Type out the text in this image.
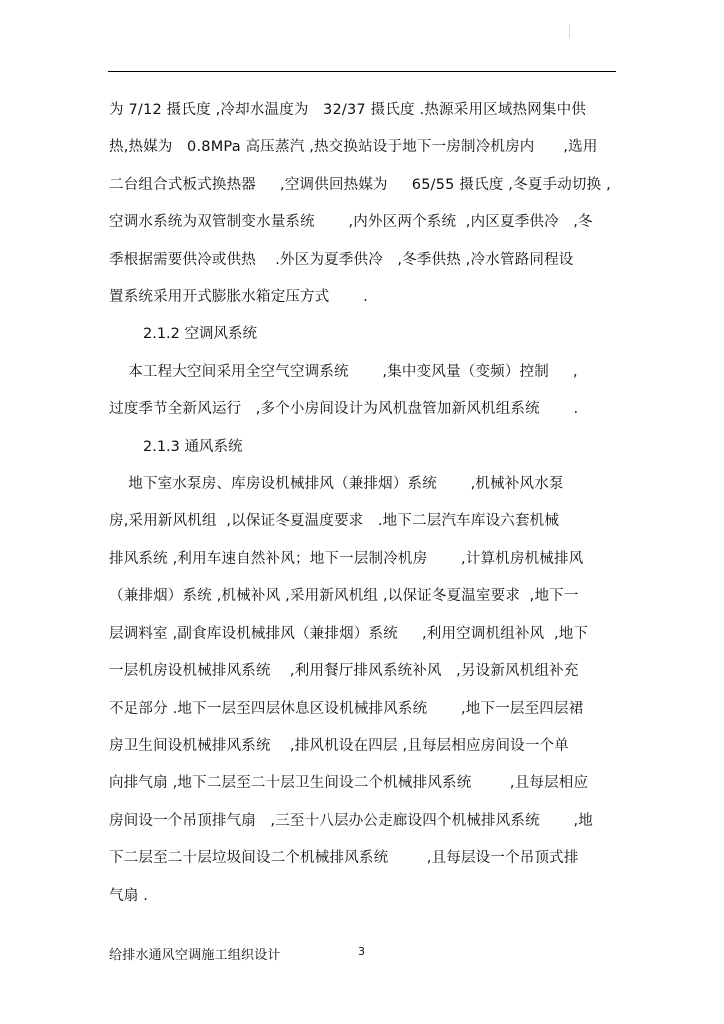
为 7/12 摄氏度 ,冷却水温度为   32/37 摄氏度 .热源采用区域热网集中供
热,热媒为   0.8MPa 高压蒸汽 ,热交换站设于地下一房制冷机房内      ,选用
二台组合式板式换热器     ,空调供回热媒为     65/55 摄氏度 ,冬夏手动切换 ,
空调水系统为双管制变水量系统       ,内外区两个系统  ,内区夏季供冷   ,冬
季根据需要供冷或供热    .外区为夏季供冷   ,冬季供热 ,冷水管路同程设
置系统采用开式膨胀水箱定压方式       .

2.1.2 空调风系统

本工程大空间采用全空气空调系统       ,集中变风量（变频）控制     ,
过度季节全新风运行   ,多个小房间设计为风机盘管加新风机组系统       .

2.1.3 通风系统

地下室水泵房、库房设机械排风（兼排烟）系统       ,机械补风水泵
房,采用新风机组  ,以保证冬夏温度要求   .地下二层汽车库设六套机械
排风系统 ,利用车速自然补风；地下一层制冷机房       ,计算机房机械排风
（兼排烟）系统 ,机械补风 ,采用新风机组 ,以保证冬夏温室要求  ,地下一
层调料室 ,副食库设机械排风（兼排烟）系统     ,利用空调机组补风  ,地下
一层机房设机械排风系统    ,利用餐厅排风系统补风   ,另设新风机组补充
不足部分 .地下一层至四层休息区设机械排风系统       ,地下一层至四层裙
房卫生间设机械排风系统    ,排风机设在四层 ,且每层相应房间设一个单
向排气扇 ,地下二层至二十层卫生间设二个机械排风系统        ,且每层相应
房间设一个吊顶排气扇   ,三至十八层办公走廊设四个机械排风系统       ,地
下二层至二十层垃圾间设二个机械排风系统        ,且每层设一个吊顶式排
气扇 .

给排水通风空调施工组织设计	3
